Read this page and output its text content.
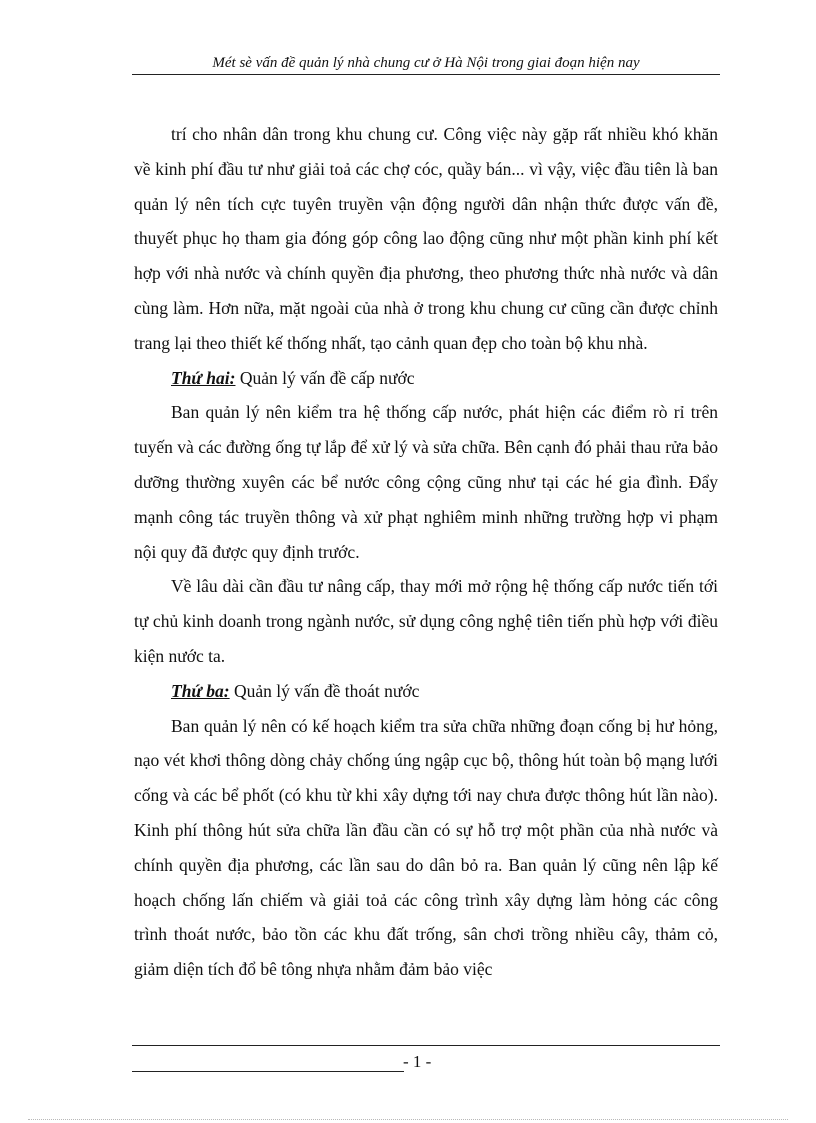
Mét sè vấn đề quản lý nhà chung cư ở Hà Nội trong giai đoạn hiện nay

trí cho nhân dân trong khu chung cư. Công việc này gặp rất nhiều khó khăn về kinh phí đầu tư như giải toả các chợ cóc, quầy bán... vì vậy, việc đầu tiên là ban quản lý nên tích cực tuyên truyền vận động người dân nhận thức được vấn đề, thuyết phục họ tham gia đóng góp công lao động cũng như một phần kinh phí kết hợp với nhà nước và chính quyền địa phương, theo phương thức nhà nước và dân cùng làm. Hơn nữa, mặt ngoài của nhà ở trong khu chung cư cũng cần được chỉnh trang lại theo thiết kế thống nhất, tạo cảnh quan đẹp cho toàn bộ khu nhà.

Thứ hai: Quản lý vấn đề cấp nước

Ban quản lý nên kiểm tra hệ thống cấp nước, phát hiện các điểm rò rỉ trên tuyến và các đường ống tự lắp để xử lý và sửa chữa. Bên cạnh đó phải thau rửa bảo dưỡng thường xuyên các bể nước công cộng cũng như tại các hé gia đình. Đẩy mạnh công tác truyền thông và xử phạt nghiêm minh những trường hợp vi phạm nội quy đã được quy định trước.

Về lâu dài cần đầu tư nâng cấp, thay mới mở rộng hệ thống cấp nước tiến tới tự chủ kinh doanh trong ngành nước, sử dụng công nghệ tiên tiến phù hợp với điều kiện nước ta.

Thứ ba: Quản lý vấn đề thoát nước

Ban quản lý nên có kế hoạch kiểm tra sửa chữa những đoạn cống bị hư hỏng, nạo vét khơi thông dòng chảy chống úng ngập cục bộ, thông hút toàn bộ mạng lưới cống và các bể phốt (có khu từ khi xây dựng tới nay chưa được thông hút lần nào). Kinh phí thông hút sửa chữa lần đầu cần có sự hỗ trợ một phần của nhà nước và chính quyền địa phương, các lần sau do dân bỏ ra. Ban quản lý cũng nên lập kế hoạch chống lấn chiếm và giải toả các công trình xây dựng làm hỏng các công trình thoát nước, bảo tồn các khu đất trống, sân chơi trồng nhiều cây, thảm cỏ, giảm diện tích đổ bê tông nhựa nhằm đảm bảo việc

- 1 -
